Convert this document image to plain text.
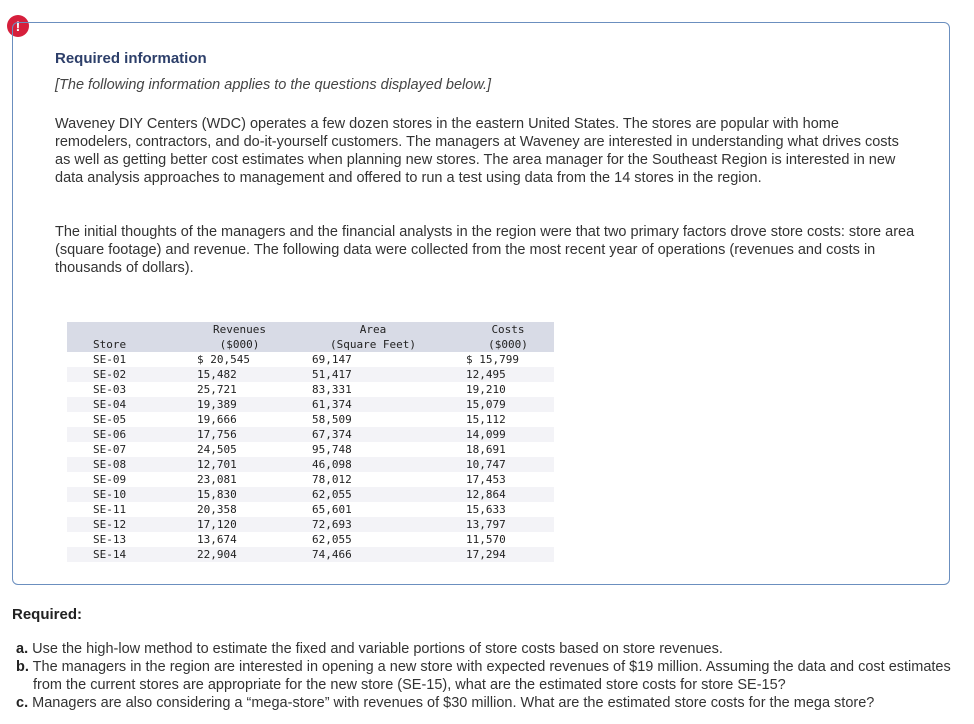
!
Required information
[The following information applies to the questions displayed below.]
Waveney DIY Centers (WDC) operates a few dozen stores in the eastern United States. The stores are popular with home remodelers, contractors, and do-it-yourself customers. The managers at Waveney are interested in understanding what drives costs as well as getting better cost estimates when planning new stores. The area manager for the Southeast Region is interested in new data analysis approaches to management and offered to run a test using data from the 14 stores in the region.
The initial thoughts of the managers and the financial analysts in the region were that two primary factors drove store costs: store area (square footage) and revenue. The following data were collected from the most recent year of operations (revenues and costs in thousands of dollars).
	Revenues	Area	Costs
Store	($000)	(Square Feet)	($000)
SE-01	$ 20,545	69,147	$ 15,799
SE-02	15,482	51,417	12,495
SE-03	25,721	83,331	19,210
SE-04	19,389	61,374	15,079
SE-05	19,666	58,509	15,112
SE-06	17,756	67,374	14,099
SE-07	24,505	95,748	18,691
SE-08	12,701	46,098	10,747
SE-09	23,081	78,012	17,453
SE-10	15,830	62,055	12,864
SE-11	20,358	65,601	15,633
SE-12	17,120	72,693	13,797
SE-13	13,674	62,055	11,570
SE-14	22,904	74,466	17,294
Required:
a. Use the high-low method to estimate the fixed and variable portions of store costs based on store revenues.
b. The managers in the region are interested in opening a new store with expected revenues of $19 million. Assuming the data and cost estimates from the current stores are appropriate for the new store (SE-15), what are the estimated store costs for store SE-15?
c. Managers are also considering a “mega-store” with revenues of $30 million. What are the estimated store costs for the mega store?
